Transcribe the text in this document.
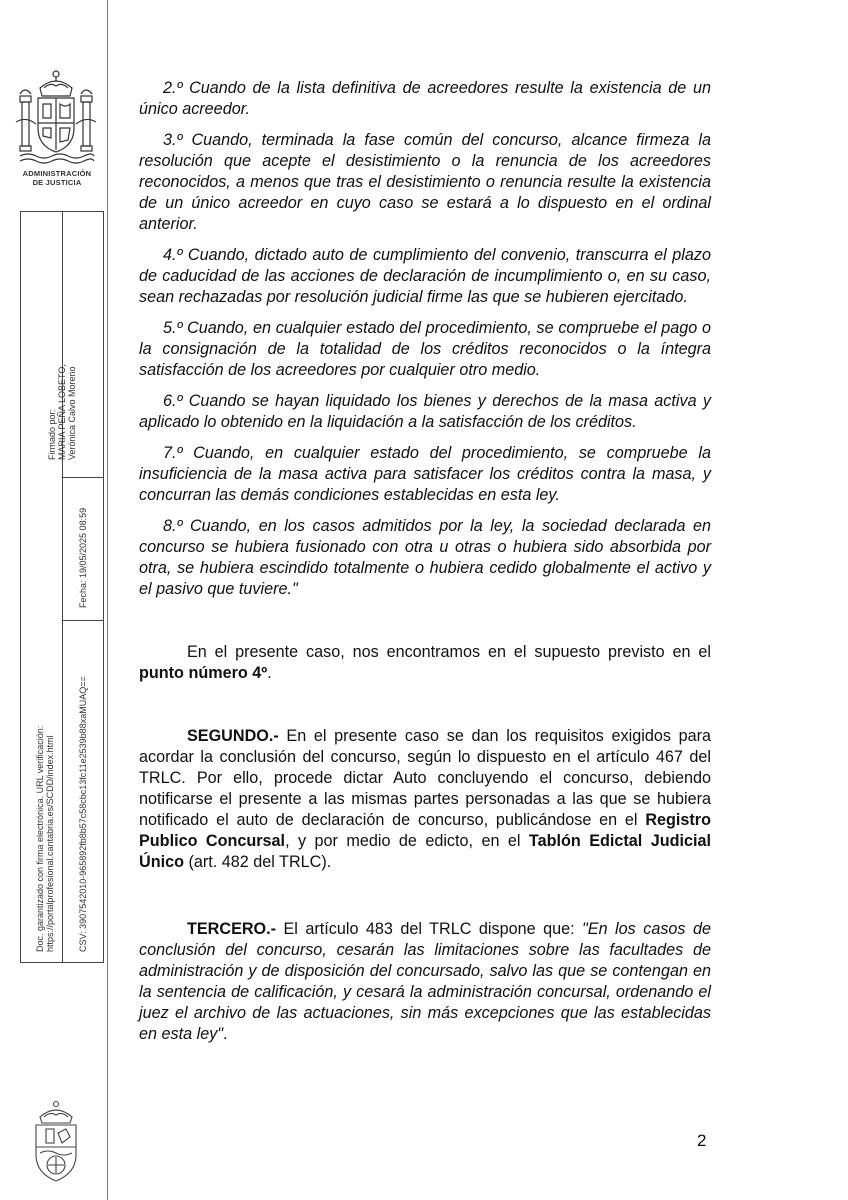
ADMINISTRACIÓN
DE JUSTICIA
Firmado por: MARIA PEÑA LOBETO, Verónica Calvo Moreno
Fecha: 19/05/2025 08:59
CSV: 3907542010-965892fb8b57c58cbc13fc11e2539b88xaMUAQ==
Doc. garantizado con firma electrónica. URL verificación: https://portalprofesional.cantabria.es/SCDD/index.html

2.º Cuando de la lista definitiva de acreedores resulte la existencia de un único acreedor.

3.º Cuando, terminada la fase común del concurso, alcance firmeza la resolución que acepte el desistimiento o la renuncia de los acreedores reconocidos, a menos que tras el desistimiento o renuncia resulte la existencia de un único acreedor en cuyo caso se estará a lo dispuesto en el ordinal anterior.

4.º Cuando, dictado auto de cumplimiento del convenio, transcurra el plazo de caducidad de las acciones de declaración de incumplimiento o, en su caso, sean rechazadas por resolución judicial firme las que se hubieren ejercitado.

5.º Cuando, en cualquier estado del procedimiento, se compruebe el pago o la consignación de la totalidad de los créditos reconocidos o la íntegra satisfacción de los acreedores por cualquier otro medio.

6.º Cuando se hayan liquidado los bienes y derechos de la masa activa y aplicado lo obtenido en la liquidación a la satisfacción de los créditos.

7.º Cuando, en cualquier estado del procedimiento, se compruebe la insuficiencia de la masa activa para satisfacer los créditos contra la masa, y concurran las demás condiciones establecidas en esta ley.

8.º Cuando, en los casos admitidos por la ley, la sociedad declarada en concurso se hubiera fusionado con otra u otras o hubiera sido absorbida por otra, se hubiera escindido totalmente o hubiera cedido globalmente el activo y el pasivo que tuviere."

En el presente caso, nos encontramos en el supuesto previsto en el punto número 4º.

SEGUNDO.- En el presente caso se dan los requisitos exigidos para acordar la conclusión del concurso, según lo dispuesto en el artículo 467 del TRLC. Por ello, procede dictar Auto concluyendo el concurso, debiendo notificarse el presente a las mismas partes personadas a las que se hubiera notificado el auto de declaración de concurso, publicándose en el Registro Publico Concursal, y por medio de edicto, en el Tablón Edictal Judicial Único (art. 482 del TRLC).

TERCERO.- El artículo 483 del TRLC dispone que: "En los casos de conclusión del concurso, cesarán las limitaciones sobre las facultades de administración y de disposición del concursado, salvo las que se contengan en la sentencia de calificación, y cesará la administración concursal, ordenando el juez el archivo de las actuaciones, sin más excepciones que las establecidas en esta ley".

2
